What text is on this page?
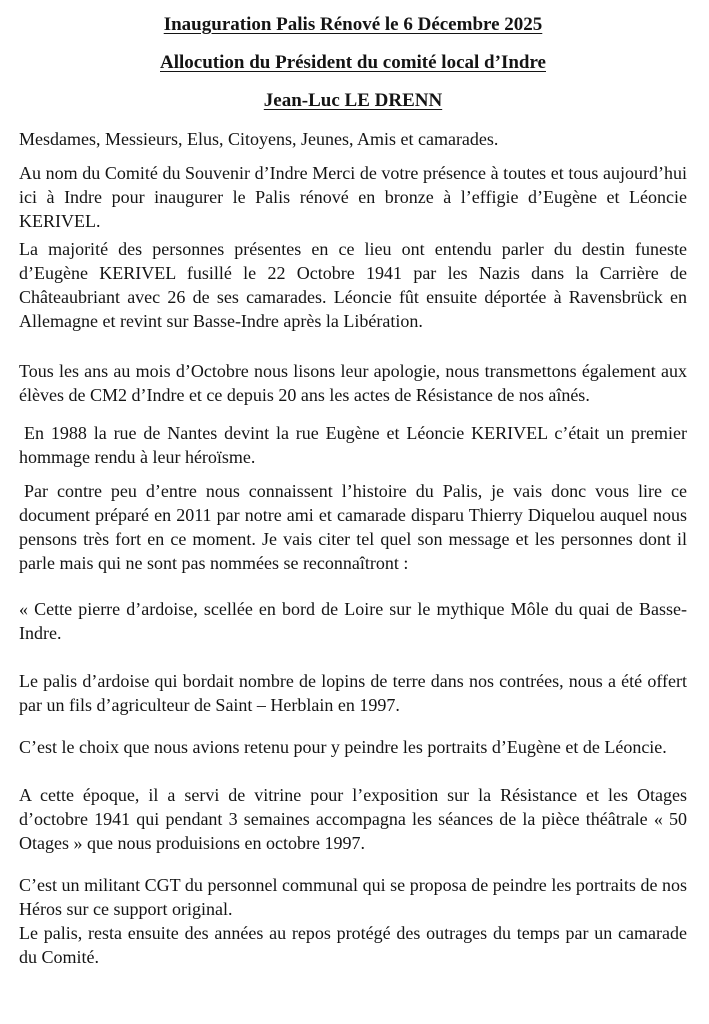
Inauguration Palis Rénové le 6 Décembre 2025
Allocution du Président du comité local d’Indre
Jean-Luc LE DRENN

Mesdames, Messieurs, Elus, Citoyens, Jeunes, Amis et camarades.

Au nom du Comité du Souvenir d’Indre Merci de votre présence à toutes et tous aujourd’hui ici à Indre pour inaugurer le Palis rénové en bronze à l’effigie d’Eugène et Léoncie KERIVEL.

La majorité des personnes présentes en ce lieu ont entendu parler du destin funeste d’Eugène KERIVEL fusillé le 22 Octobre 1941 par les Nazis dans la Carrière de Châteaubriant avec 26 de ses camarades. Léoncie fût ensuite déportée à Ravensbrück en Allemagne et revint sur Basse-Indre après la Libération.

Tous les ans au mois d’Octobre nous lisons leur apologie, nous transmettons également aux élèves de CM2 d’Indre et ce depuis 20 ans les actes de Résistance de nos aînés.

En 1988 la rue de Nantes devint la rue Eugène et Léoncie KERIVEL c’était un premier hommage rendu à leur héroïsme.

Par contre peu d’entre nous connaissent l’histoire du Palis, je vais donc vous lire ce document préparé en 2011 par notre ami et camarade disparu Thierry Diquelou auquel nous pensons très fort en ce moment. Je vais citer tel quel son message et les personnes dont il parle mais qui ne sont pas nommées se reconnaîtront :

« Cette pierre d’ardoise, scellée en bord de Loire sur le mythique Môle du quai de Basse-Indre.

Le palis d’ardoise qui bordait nombre de lopins de terre dans nos contrées, nous a été offert par un fils d’agriculteur de Saint – Herblain en 1997.

C’est le choix que nous avions retenu pour y peindre les portraits d’Eugène et de Léoncie.

A cette époque, il a servi de vitrine pour l’exposition sur la Résistance et les Otages d’octobre 1941 qui pendant 3 semaines accompagna les séances de la pièce théâtrale « 50 Otages » que nous produisions en octobre 1997.

C’est un militant CGT du personnel communal qui se proposa de peindre les portraits de nos Héros sur ce support original.

Le palis, resta ensuite des années au repos protégé des outrages du temps par un camarade du Comité.
